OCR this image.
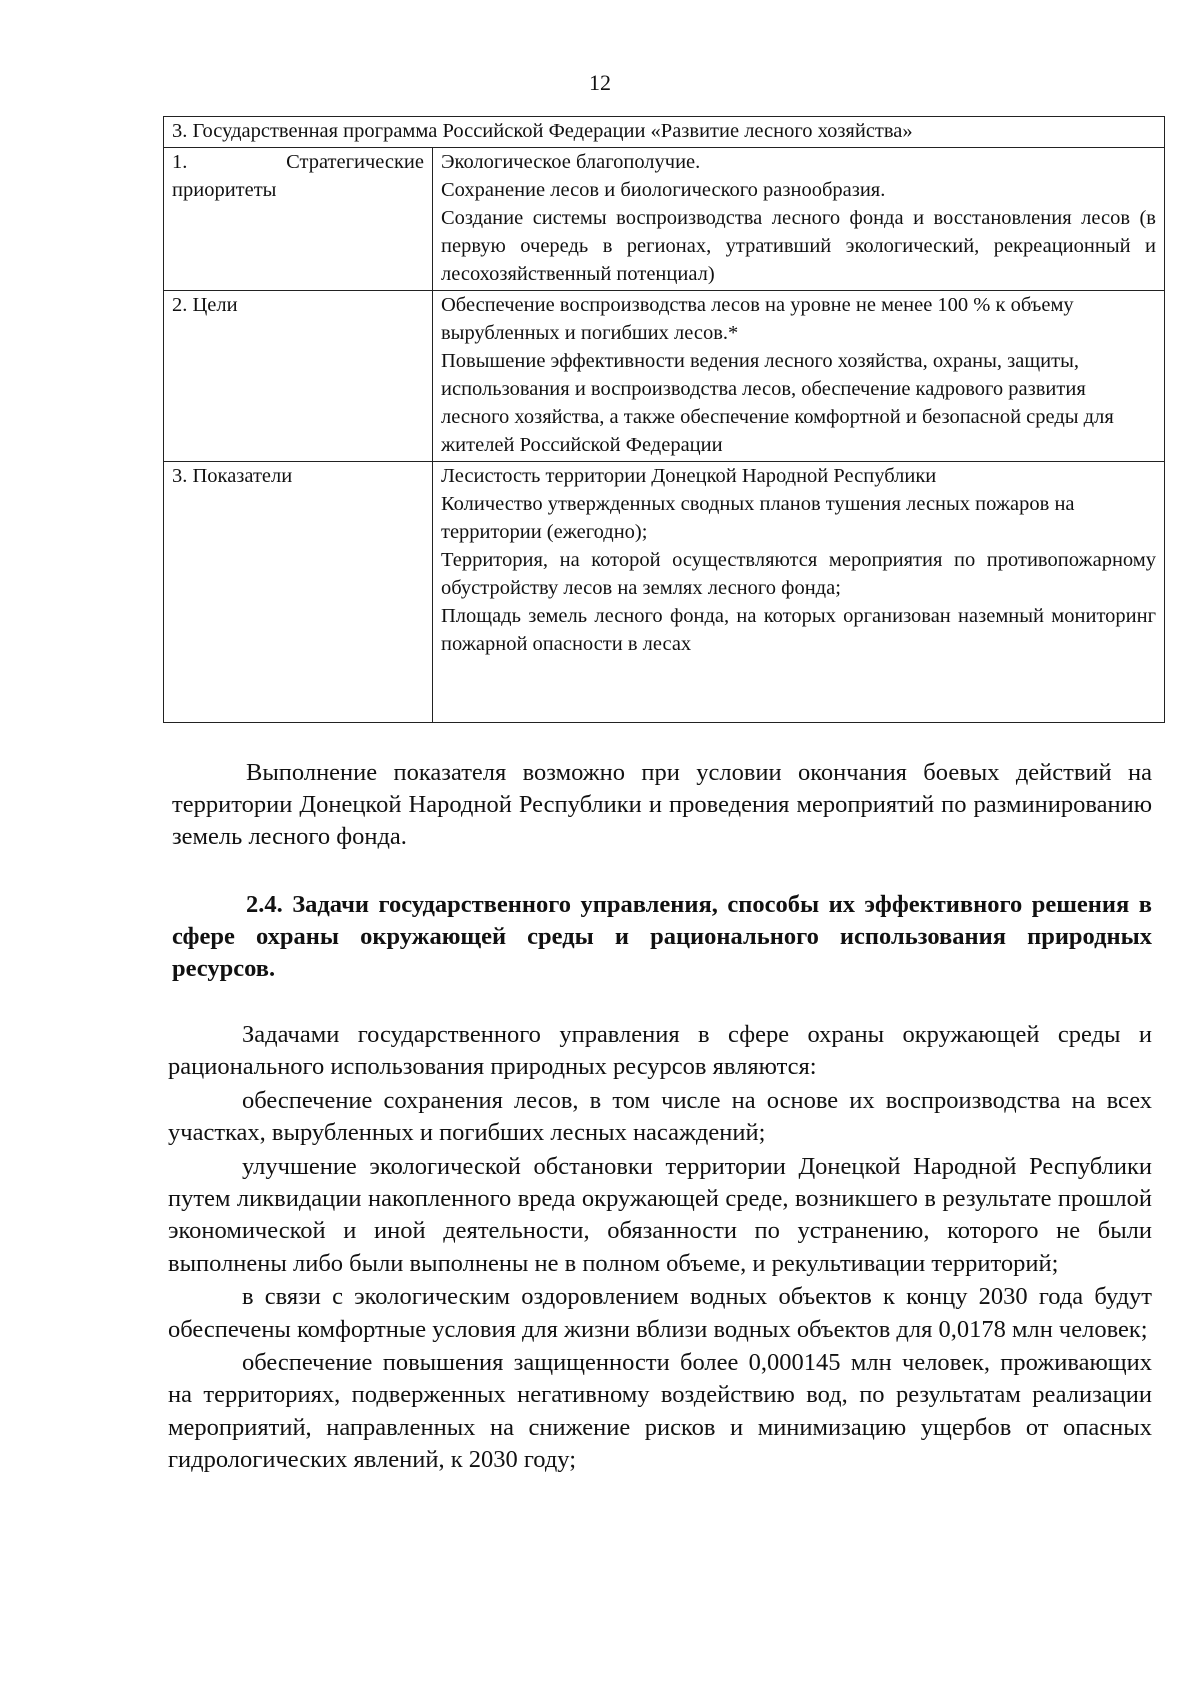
12
3. Государственная программа Российской Федерации «Развитие лесного хозяйства»	
1. Стратегические приоритеты	Экологическое благополучие.
Сохранение лесов и биологического разнообразия.
Создание системы воспроизводства лесного фонда и восстановления лесов (в первую очередь в регионах, утративший экологический, рекреационный и лесохозяйственный потенциал)

2. Цели	Обеспечение воспроизводства лесов на уровне не менее 100 % к объему вырубленных и погибших лесов.*
Повышение эффективности ведения лесного хозяйства, охраны, защиты, использования и воспроизводства лесов, обеспечение кадрового развития лесного хозяйства, а также обеспечение комфортной и безопасной среды для жителей Российской Федерации

3. Показатели	Лесистость территории Донецкой Народной Республики
Количество утвержденных сводных планов тушения лесных пожаров на территории (ежегодно);
Территория, на которой осуществляются мероприятия по противопожарному обустройству лесов на землях лесного фонда;
Площадь земель лесного фонда, на которых организован наземный мониторинг пожарной опасности в лесах
Выполнение показателя возможно при условии окончания боевых действий на территории Донецкой Народной Республики и проведения мероприятий по разминированию земель лесного фонда.
2.4. Задачи государственного управления, способы их эффективного решения в сфере охраны окружающей среды и рационального использования природных ресурсов.

Задачами государственного управления в сфере охраны окружающей среды и рационального использования природных ресурсов являются:

обеспечение сохранения лесов, в том числе на основе их воспроизводства на всех участках, вырубленных и погибших лесных насаждений;

улучшение экологической обстановки территории Донецкой Народной Республики путем ликвидации накопленного вреда окружающей среде, возникшего в результате прошлой экономической и иной деятельности, обязанности по устранению, которого не были выполнены либо были выполнены не в полном объеме, и рекультивации территорий;

в связи с экологическим оздоровлением водных объектов к концу 2030 года будут обеспечены комфортные условия для жизни вблизи водных объектов для 0,0178 млн человек;

обеспечение повышения защищенности более 0,000145 млн человек, проживающих на территориях, подверженных негативному воздействию вод, по результатам реализации мероприятий, направленных на снижение рисков и минимизацию ущербов от опасных гидрологических явлений, к 2030 году;
